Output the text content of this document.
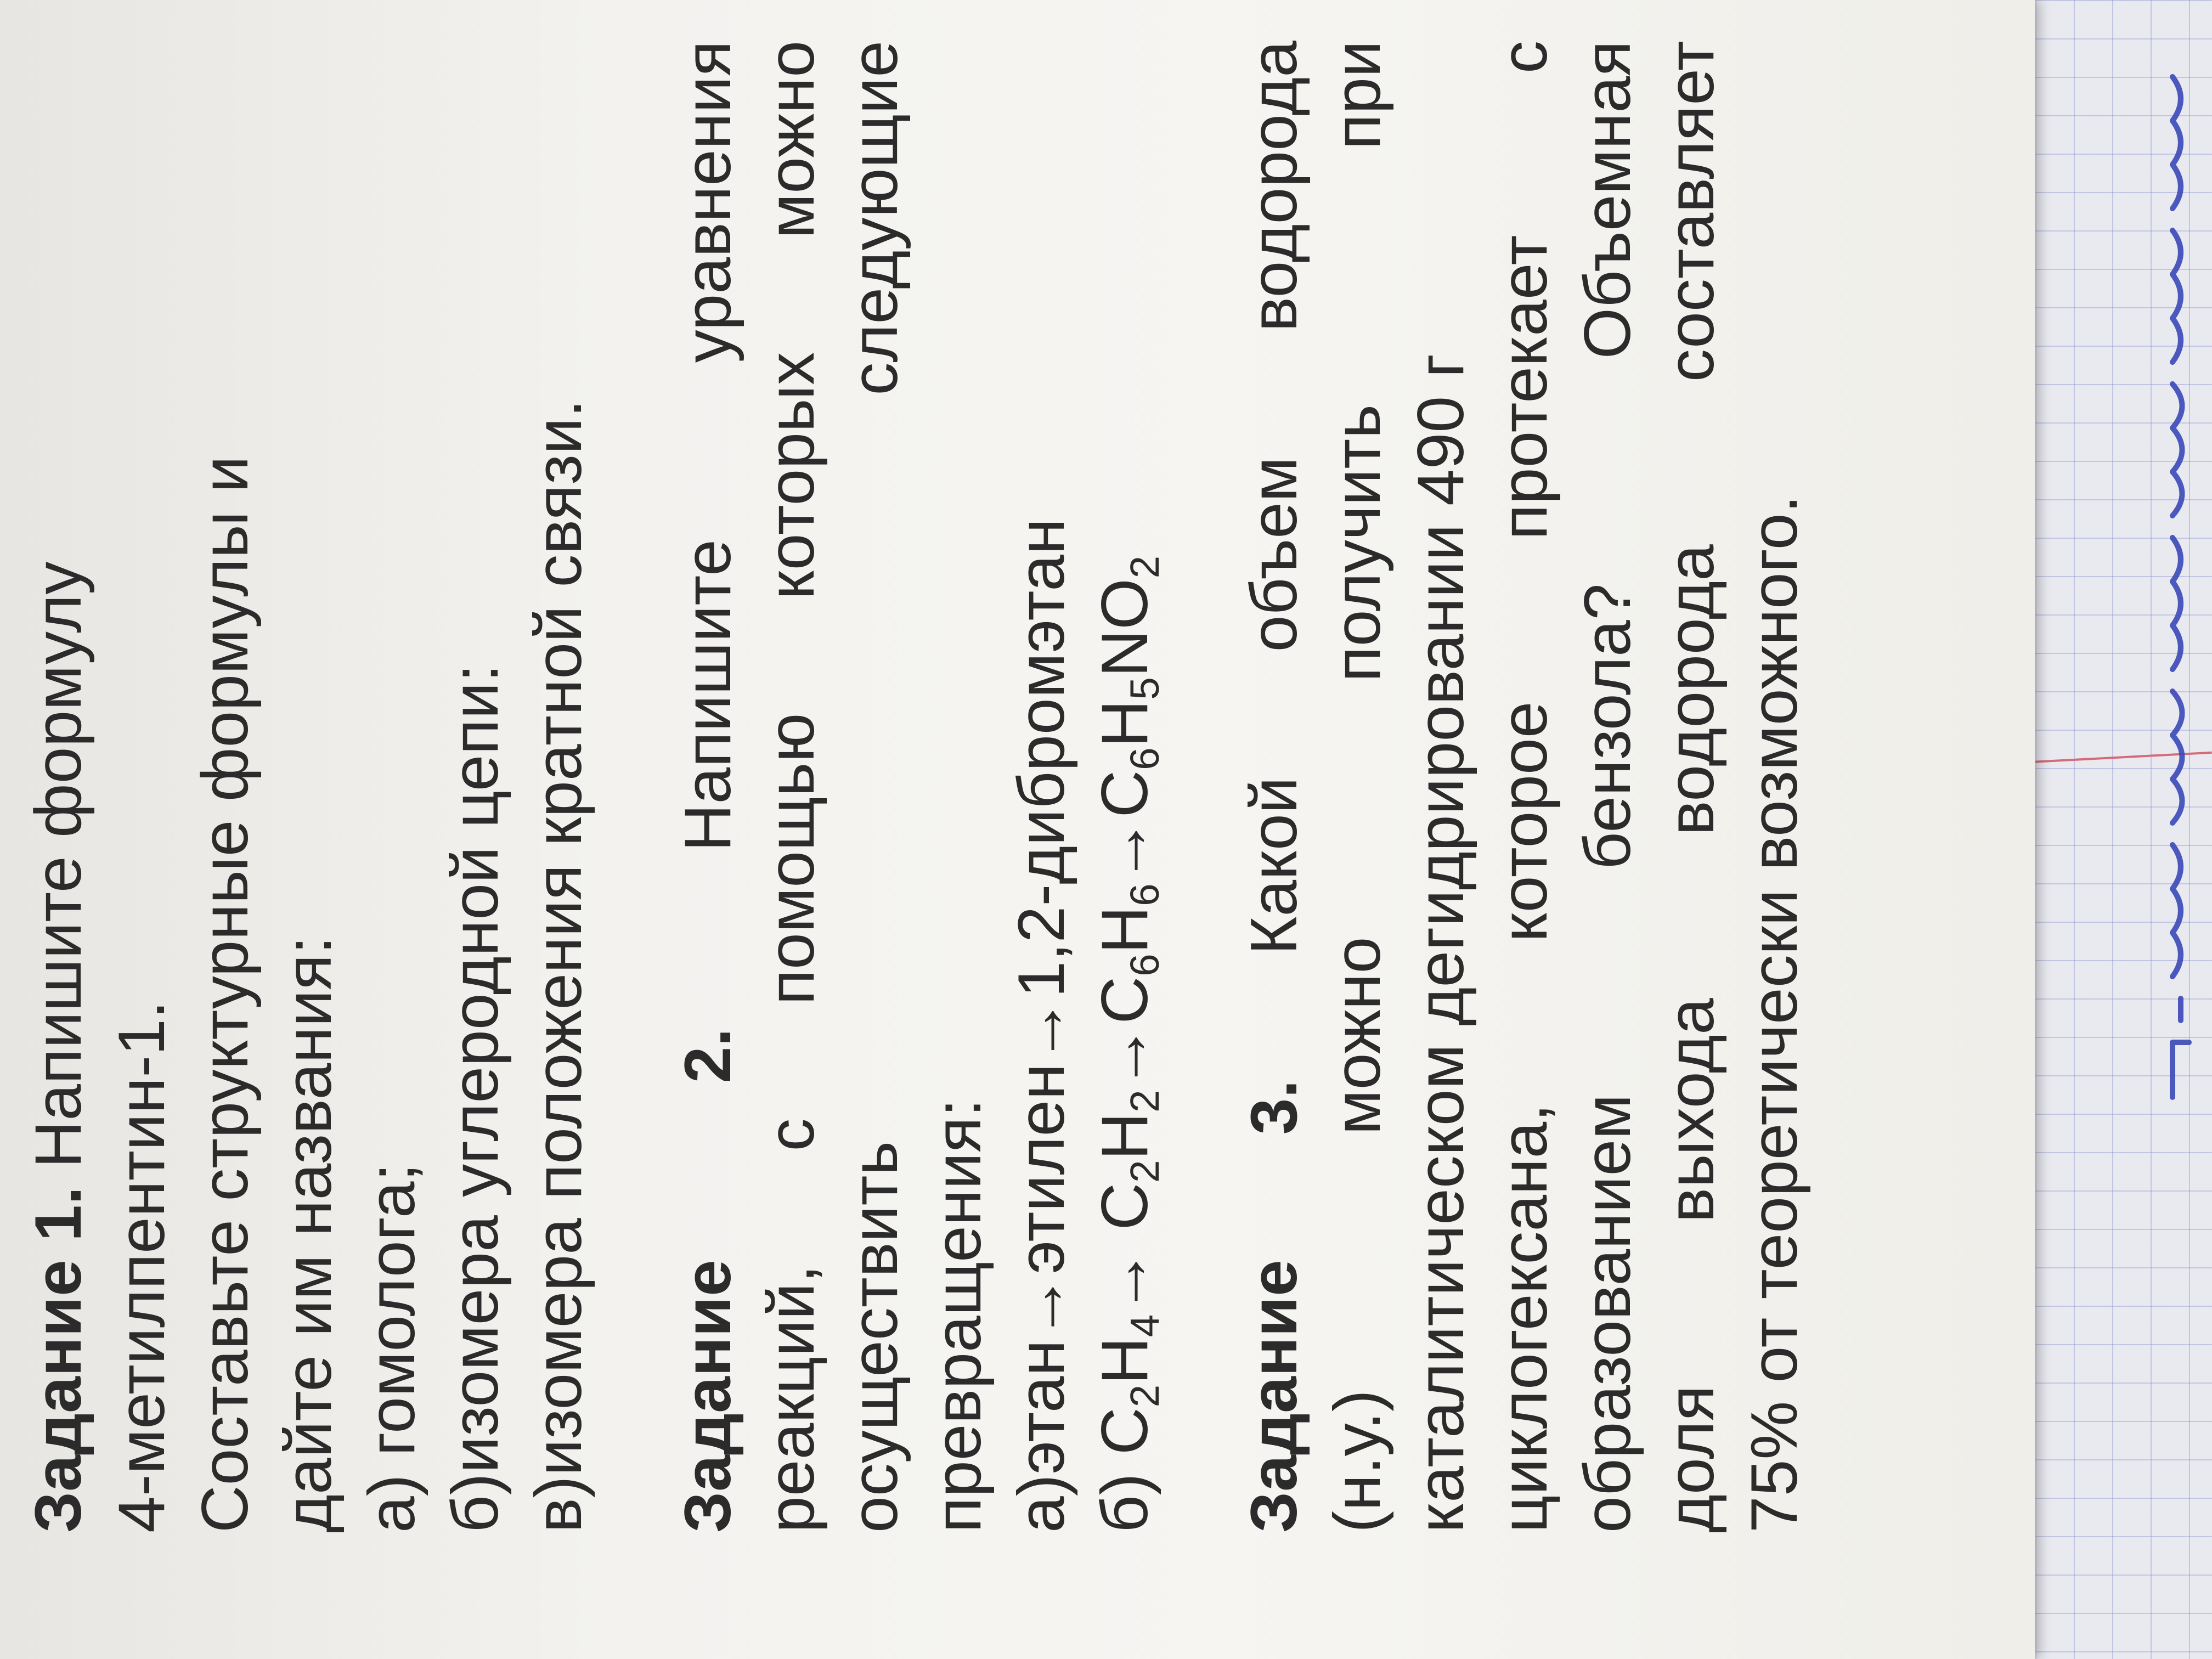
Задание 1. Напишите формулу
4-метилпентин-1. Составьте структурные формулы и дайте им названия: а) гомолога; б)изомера углеродной цепи: в)изомера положения кратной связи. Задание
2.
Напишите
уравнения
реакций,
с
помощью
которых
можно
осуществить
следующие
превращения: а)этан→этилен→1,2-дибромэтан б) $C_2H_4\to C_2H_2\to C_6H_6\to C_6H_5NO_2$
Задание
3.
Какой
объем
водорода
(н.у.)
можно
получить
при
каталитическом дегидрировании 490 г циклогексана,
которое
протекает
с
образованием
бензола?
Объемная
доля
выхода
водорода
составляет
75% от теоретически возможного.
